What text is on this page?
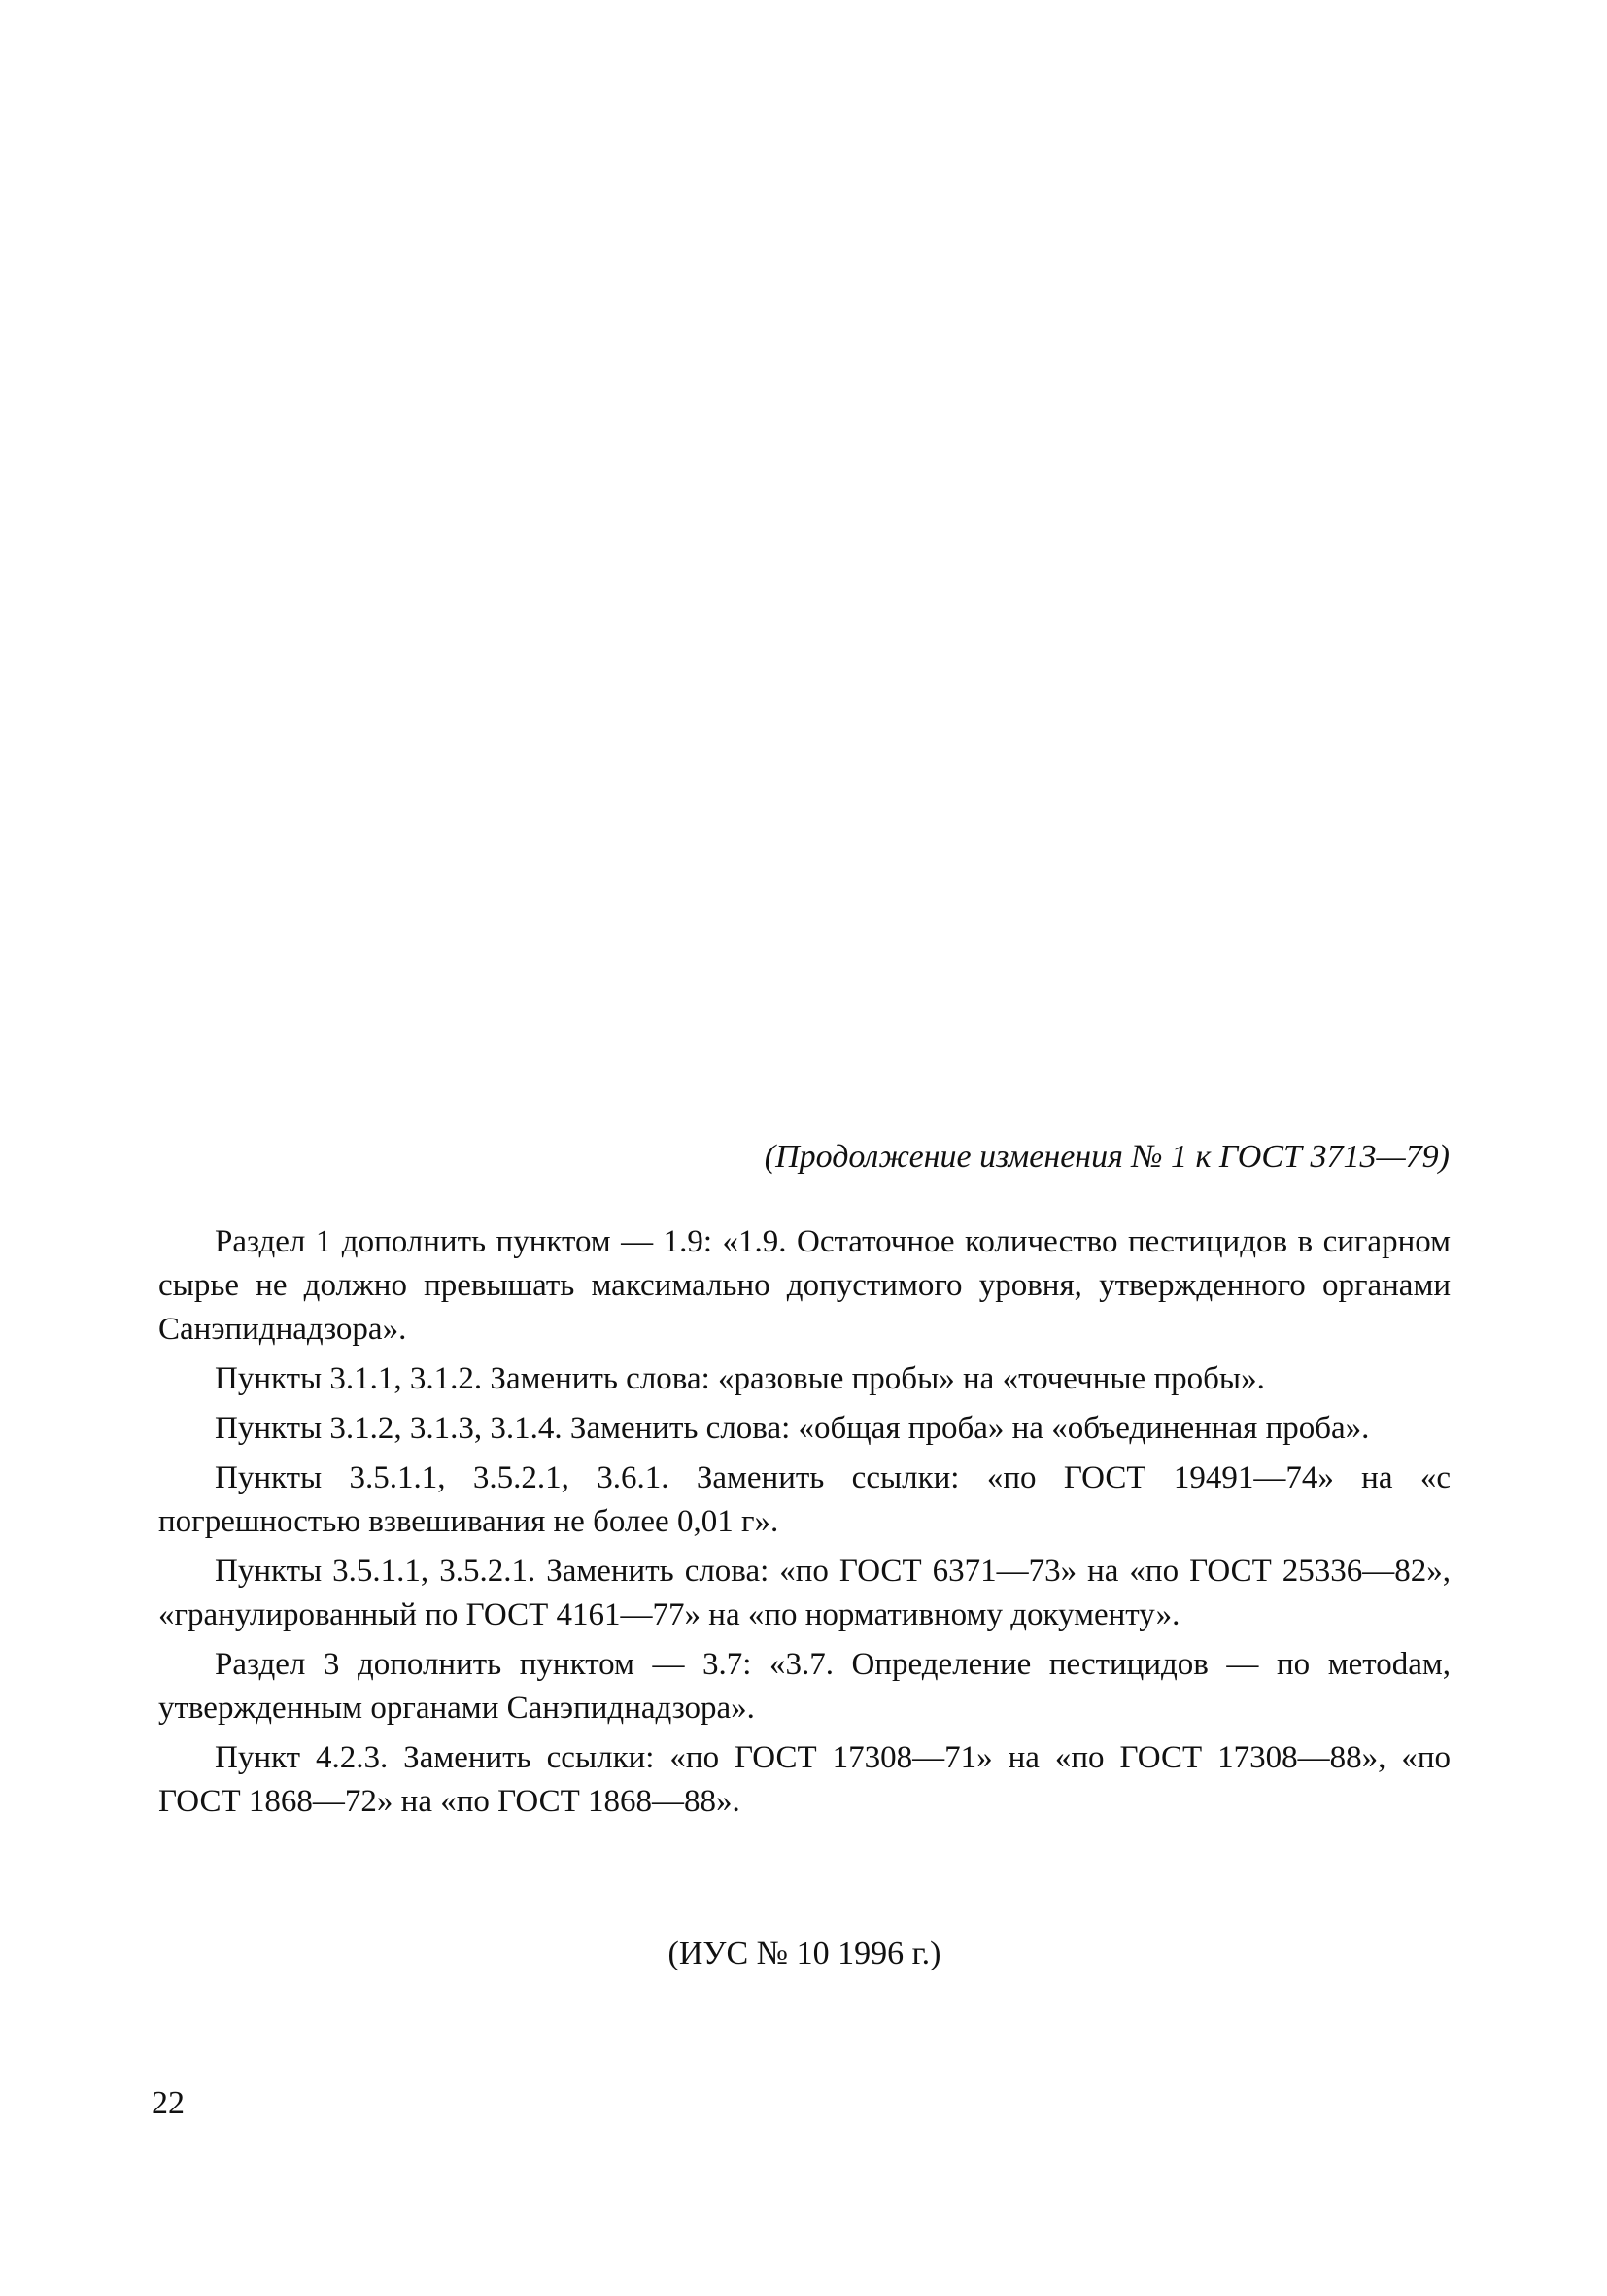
(Продолжение изменения № 1 к ГОСТ 3713—79)

Раздел 1 дополнить пунктом — 1.9: «1.9. Остаточное количество пестицидов в сигарном сырье не должно превышать максимально допустимого уровня, утвержденного органами Санэпиднадзора».

Пункты 3.1.1, 3.1.2. Заменить слова: «разовые пробы» на «точечные пробы».

Пункты 3.1.2, 3.1.3, 3.1.4. Заменить слова: «общая проба» на «объединенная проба».

Пункты 3.5.1.1, 3.5.2.1, 3.6.1. Заменить ссылки: «по ГОСТ 19491—74» на «с погрешностью взвешивания не более 0,01 г».

Пункты 3.5.1.1, 3.5.2.1. Заменить слова: «по ГОСТ 6371—73» на «по ГОСТ 25336—82», «гранулированный по ГОСТ 4161—77» на «по нормативному документу».

Раздел 3 дополнить пунктом — 3.7: «3.7. Определение пестицидов — по метоdам, утвержденным органами Санэпиднадзора».

Пункт 4.2.3. Заменить ссылки: «по ГОСТ 17308—71» на «по ГОСТ 17308—88», «по ГОСТ 1868—72» на «по ГОСТ 1868—88».

(ИУС № 10 1996 г.)
22
